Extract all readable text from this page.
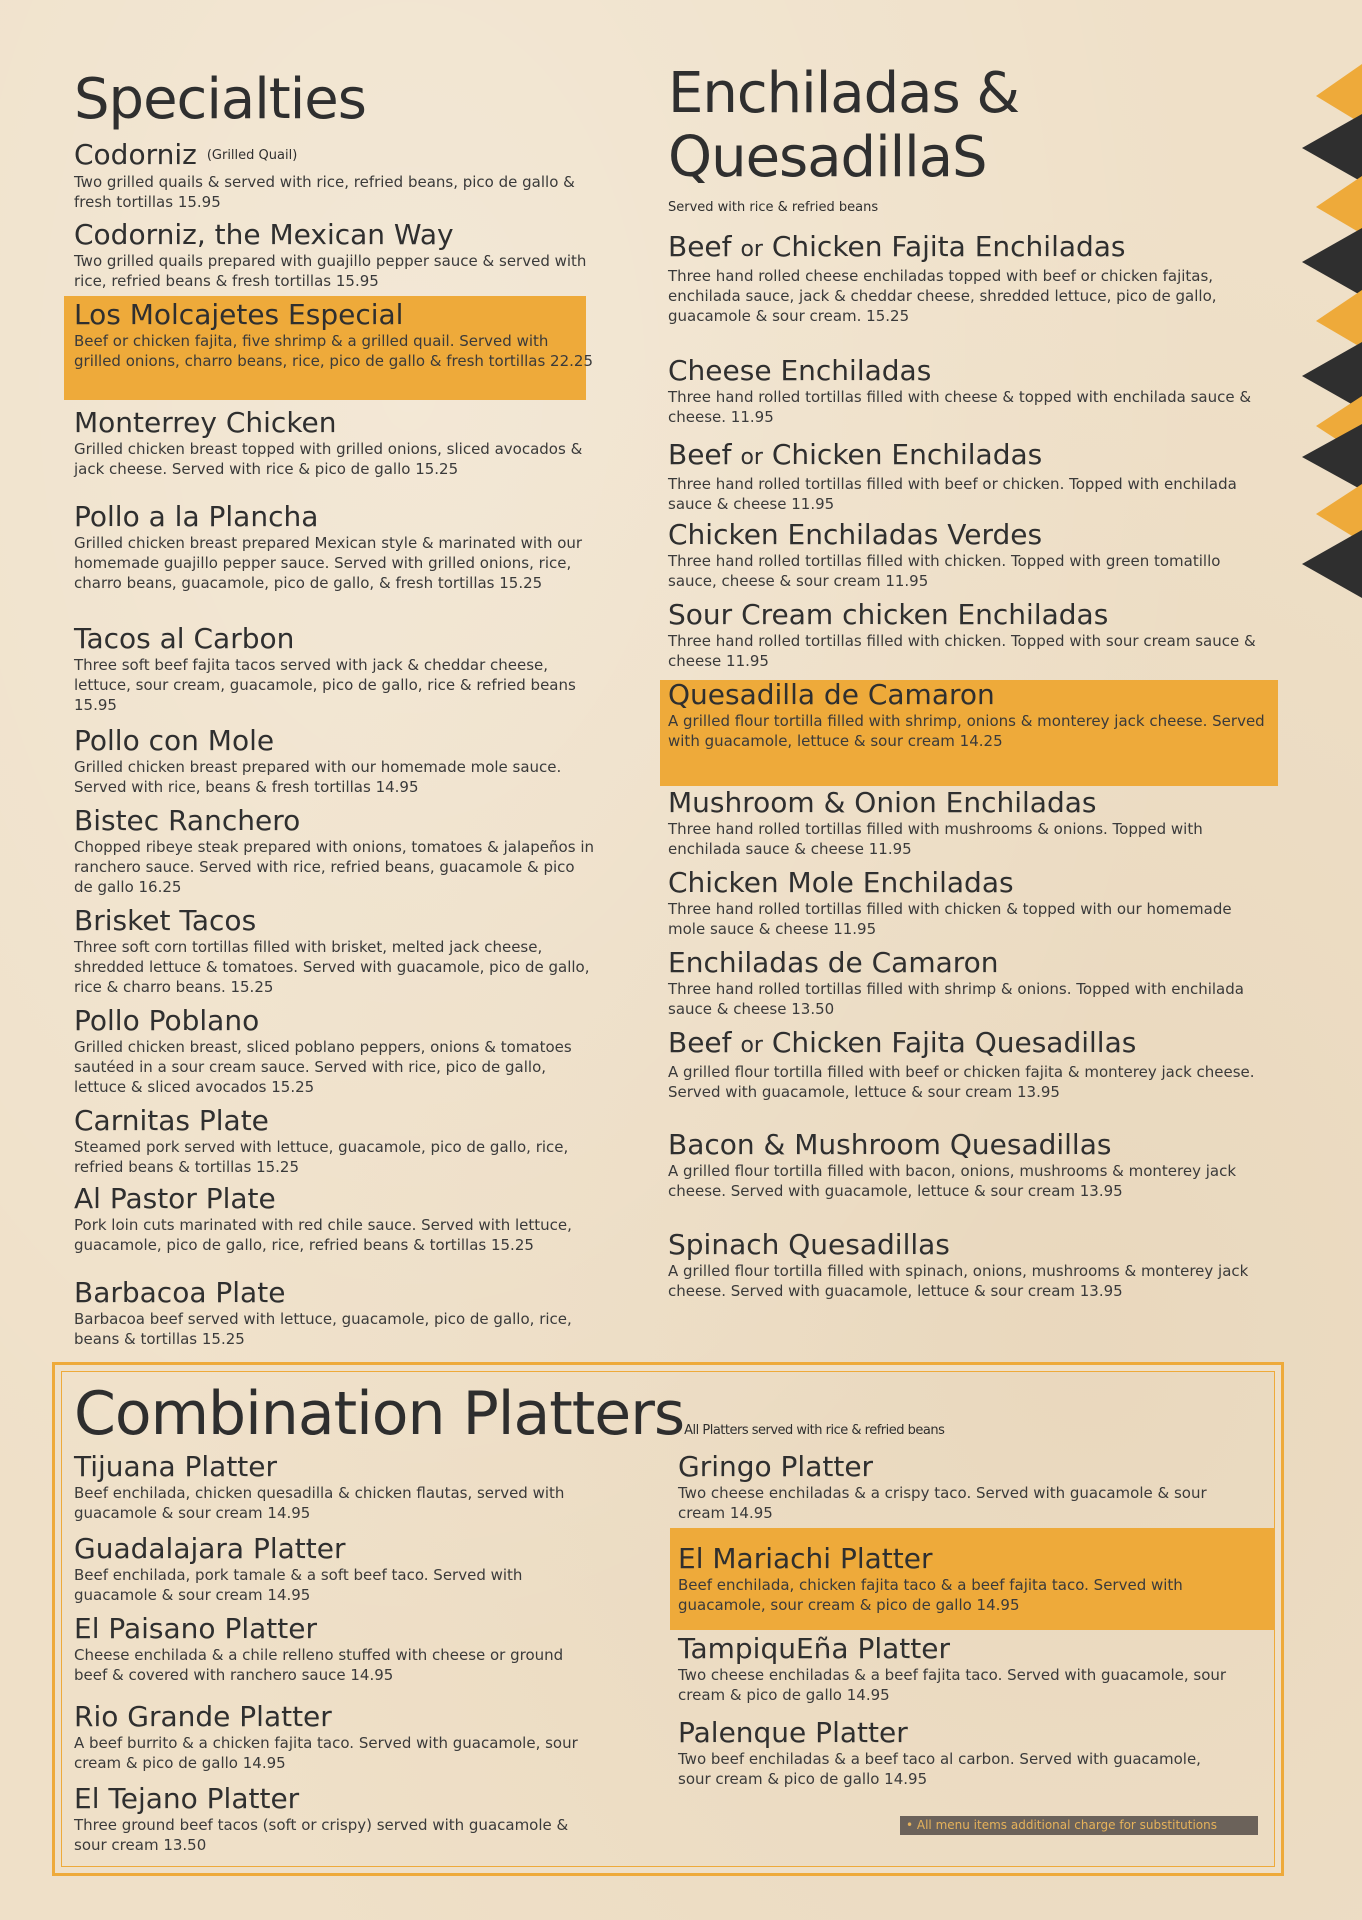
Specialties
Codorniz (Grilled Quail)
Two grilled quails & served with rice, refried beans, pico de gallo & fresh tortillas 15.95
Codorniz, the Mexican Way
Two grilled quails prepared with guajillo pepper sauce & served with rice, refried beans & fresh tortillas 15.95
Los Molcajetes Especial
Beef or chicken fajita, five shrimp & a grilled quail. Served with grilled onions, charro beans, rice, pico de gallo & fresh tortillas 22.25
Monterrey Chicken
Grilled chicken breast topped with grilled onions, sliced avocados & jack cheese. Served with rice & pico de gallo 15.25
Pollo a la Plancha
Grilled chicken breast prepared Mexican style & marinated with our homemade guajillo pepper sauce. Served with grilled onions, rice, charro beans, guacamole, pico de gallo, & fresh tortillas 15.25
Tacos al Carbon
Three soft beef fajita tacos served with jack & cheddar cheese, lettuce, sour cream, guacamole, pico de gallo, rice & refried beans 15.95
Pollo con Mole
Grilled chicken breast prepared with our homemade mole sauce. Served with rice, beans & fresh tortillas 14.95
Bistec Ranchero
Chopped ribeye steak prepared with onions, tomatoes & jalapeños in ranchero sauce. Served with rice, refried beans, guacamole & pico de gallo 16.25
Brisket Tacos
Three soft corn tortillas filled with brisket, melted jack cheese, shredded lettuce & tomatoes. Served with guacamole, pico de gallo, rice & charro beans. 15.25
Pollo Poblano
Grilled chicken breast, sliced poblano peppers, onions & tomatoes sautéed in a sour cream sauce. Served with rice, pico de gallo, lettuce & sliced avocados 15.25
Carnitas Plate
Steamed pork served with lettuce, guacamole, pico de gallo, rice, refried beans & tortillas 15.25
Al Pastor Plate
Pork loin cuts marinated with red chile sauce. Served with lettuce, guacamole, pico de gallo, rice, refried beans & tortillas 15.25
Barbacoa Plate
Barbacoa beef served with lettuce, guacamole, pico de gallo, rice, beans & tortillas 15.25
Enchiladas &
QuesadillaS
Served with rice & refried beans
Beef or Chicken Fajita Enchiladas
Three hand rolled cheese enchiladas topped with beef or chicken fajitas, enchilada sauce, jack & cheddar cheese, shredded lettuce, pico de gallo, guacamole & sour cream. 15.25
Cheese Enchiladas
Three hand rolled tortillas filled with cheese & topped with enchilada sauce & cheese. 11.95
Beef or Chicken Enchiladas
Three hand rolled tortillas filled with beef or chicken. Topped with enchilada sauce & cheese 11.95
Chicken Enchiladas Verdes
Three hand rolled tortillas filled with chicken. Topped with green tomatillo sauce, cheese & sour cream 11.95
Sour Cream chicken Enchiladas
Three hand rolled tortillas filled with chicken. Topped with sour cream sauce & cheese 11.95
Quesadilla de Camaron
A grilled flour tortilla filled with shrimp, onions & monterey jack cheese. Served with guacamole, lettuce & sour cream 14.25
Mushroom & Onion Enchiladas
Three hand rolled tortillas filled with mushrooms & onions. Topped with enchilada sauce & cheese 11.95
Chicken Mole Enchiladas
Three hand rolled tortillas filled with chicken & topped with our homemade mole sauce & cheese 11.95
Enchiladas de Camaron
Three hand rolled tortillas filled with shrimp & onions. Topped with enchilada sauce & cheese 13.50
Beef or Chicken Fajita Quesadillas
A grilled flour tortilla filled with beef or chicken fajita & monterey jack cheese. Served with guacamole, lettuce & sour cream 13.95
Bacon & Mushroom Quesadillas
A grilled flour tortilla filled with bacon, onions, mushrooms & monterey jack cheese. Served with guacamole, lettuce & sour cream 13.95
Spinach Quesadillas
A grilled flour tortilla filled with spinach, onions, mushrooms & monterey jack cheese. Served with guacamole, lettuce & sour cream 13.95
Combination PlattersAll Platters served with rice & refried beans
Tijuana Platter
Beef enchilada, chicken quesadilla & chicken flautas, served with guacamole & sour cream 14.95
Guadalajara Platter
Beef enchilada, pork tamale & a soft beef taco. Served with guacamole & sour cream 14.95
El Paisano Platter
Cheese enchilada & a chile relleno stuffed with cheese or ground beef & covered with ranchero sauce 14.95
Rio Grande Platter
A beef burrito & a chicken fajita taco. Served with guacamole, sour cream & pico de gallo 14.95
El Tejano Platter
Three ground beef tacos (soft or crispy) served with guacamole & sour cream 13.50
Gringo Platter
Two cheese enchiladas & a crispy taco. Served with guacamole & sour cream 14.95
El Mariachi Platter
Beef enchilada, chicken fajita taco & a beef fajita taco. Served with guacamole, sour cream & pico de gallo 14.95
TampiquEña Platter
Two cheese enchiladas & a beef fajita taco. Served with guacamole, sour cream & pico de gallo 14.95
Palenque Platter
Two beef enchiladas & a beef taco al carbon. Served with guacamole, sour cream & pico de gallo 14.95
• All menu items additional charge for substitutions
